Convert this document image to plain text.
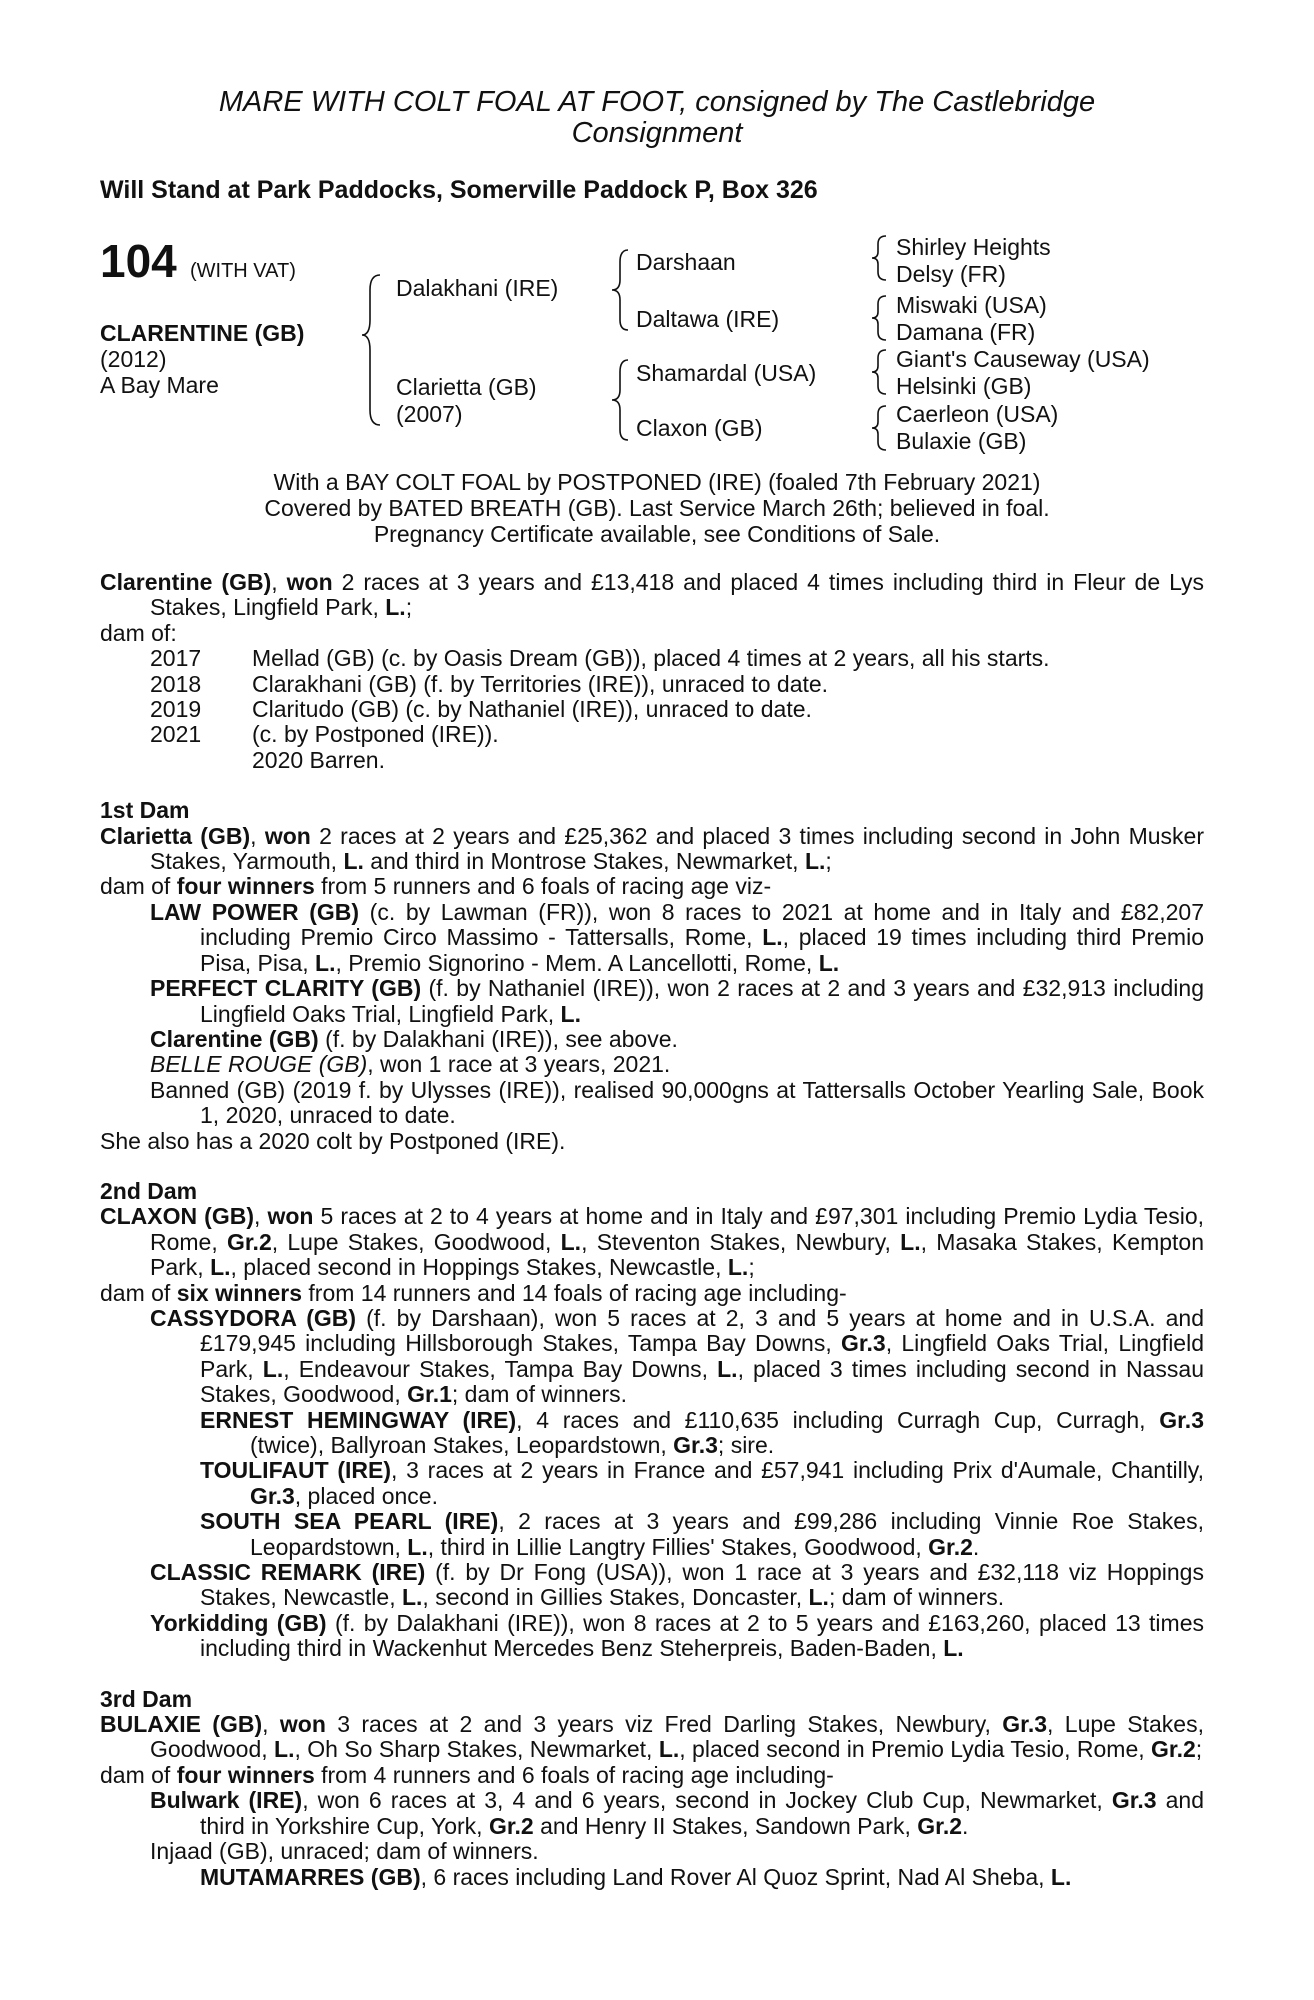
MARE WITH COLT FOAL AT FOOT, consigned by The Castlebridge
Consignment
Will Stand at Park Paddocks, Somerville Paddock P, Box 326
104 (WITH VAT)
CLARENTINE (GB)
(2012)
A Bay Mare
Dalakhani (IRE)
Clarietta (GB)
(2007)
Darshaan
Daltawa (IRE)
Shamardal (USA)
Claxon (GB)
Shirley Heights
Delsy (FR)
Miswaki (USA)
Damana (FR)
Giant's Causeway (USA)
Helsinki (GB)
Caerleon (USA)
Bulaxie (GB)
With a BAY COLT FOAL by POSTPONED (IRE) (foaled 7th February 2021)
Covered by BATED BREATH (GB). Last Service March 26th; believed in foal.
Pregnancy Certificate available, see Conditions of Sale.

Clarentine (GB), won 2 races at 3 years and £13,418 and placed 4 times including third in Fleur de Lys Stakes, Lingfield Park, L.;

dam of:

2017 Mellad (GB) (c. by Oasis Dream (GB)), placed 4 times at 2 years, all his starts.

2018 Clarakhani (GB) (f. by Territories (IRE)), unraced to date.

2019 Claritudo (GB) (c. by Nathaniel (IRE)), unraced to date.

2021 (c. by Postponed (IRE)).

2020 Barren.

1st Dam

Clarietta (GB), won 2 races at 2 years and £25,362 and placed 3 times including second in John Musker Stakes, Yarmouth, L. and third in Montrose Stakes, Newmarket, L.;

dam of four winners from 5 runners and 6 foals of racing age viz-

LAW POWER (GB) (c. by Lawman (FR)), won 8 races to 2021 at home and in Italy and £82,207 including Premio Circo Massimo - Tattersalls, Rome, L., placed 19 times including third Premio Pisa, Pisa, L., Premio Signorino - Mem. A Lancellotti, Rome, L.

PERFECT CLARITY (GB) (f. by Nathaniel (IRE)), won 2 races at 2 and 3 years and £32,913 including Lingfield Oaks Trial, Lingfield Park, L.

Clarentine (GB) (f. by Dalakhani (IRE)), see above.

BELLE ROUGE (GB), won 1 race at 3 years, 2021.

Banned (GB) (2019 f. by Ulysses (IRE)), realised 90,000gns at Tattersalls October Yearling Sale, Book 1, 2020, unraced to date.

She also has a 2020 colt by Postponed (IRE).

2nd Dam

CLAXON (GB), won 5 races at 2 to 4 years at home and in Italy and £97,301 including Premio Lydia Tesio, Rome, Gr.2, Lupe Stakes, Goodwood, L., Steventon Stakes, Newbury, L., Masaka Stakes, Kempton Park, L., placed second in Hoppings Stakes, Newcastle, L.;

dam of six winners from 14 runners and 14 foals of racing age including-

CASSYDORA (GB) (f. by Darshaan), won 5 races at 2, 3 and 5 years at home and in U.S.A. and £179,945 including Hillsborough Stakes, Tampa Bay Downs, Gr.3, Lingfield Oaks Trial, Lingfield Park, L., Endeavour Stakes, Tampa Bay Downs, L., placed 3 times including second in Nassau Stakes, Goodwood, Gr.1; dam of winners.

ERNEST HEMINGWAY (IRE), 4 races and £110,635 including Curragh Cup, Curragh, Gr.3 (twice), Ballyroan Stakes, Leopardstown, Gr.3; sire.

TOULIFAUT (IRE), 3 races at 2 years in France and £57,941 including Prix d'Aumale, Chantilly, Gr.3, placed once.

SOUTH SEA PEARL (IRE), 2 races at 3 years and £99,286 including Vinnie Roe Stakes, Leopardstown, L., third in Lillie Langtry Fillies' Stakes, Goodwood, Gr.2.

CLASSIC REMARK (IRE) (f. by Dr Fong (USA)), won 1 race at 3 years and £32,118 viz Hoppings Stakes, Newcastle, L., second in Gillies Stakes, Doncaster, L.; dam of winners.

Yorkidding (GB) (f. by Dalakhani (IRE)), won 8 races at 2 to 5 years and £163,260, placed 13 times including third in Wackenhut Mercedes Benz Steherpreis, Baden-Baden, L.

3rd Dam

BULAXIE (GB), won 3 races at 2 and 3 years viz Fred Darling Stakes, Newbury, Gr.3, Lupe Stakes, Goodwood, L., Oh So Sharp Stakes, Newmarket, L., placed second in Premio Lydia Tesio, Rome, Gr.2;

dam of four winners from 4 runners and 6 foals of racing age including-

Bulwark (IRE), won 6 races at 3, 4 and 6 years, second in Jockey Club Cup, Newmarket, Gr.3 and third in Yorkshire Cup, York, Gr.2 and Henry II Stakes, Sandown Park, Gr.2.

Injaad (GB), unraced; dam of winners.

MUTAMARRES (GB), 6 races including Land Rover Al Quoz Sprint, Nad Al Sheba, L.
